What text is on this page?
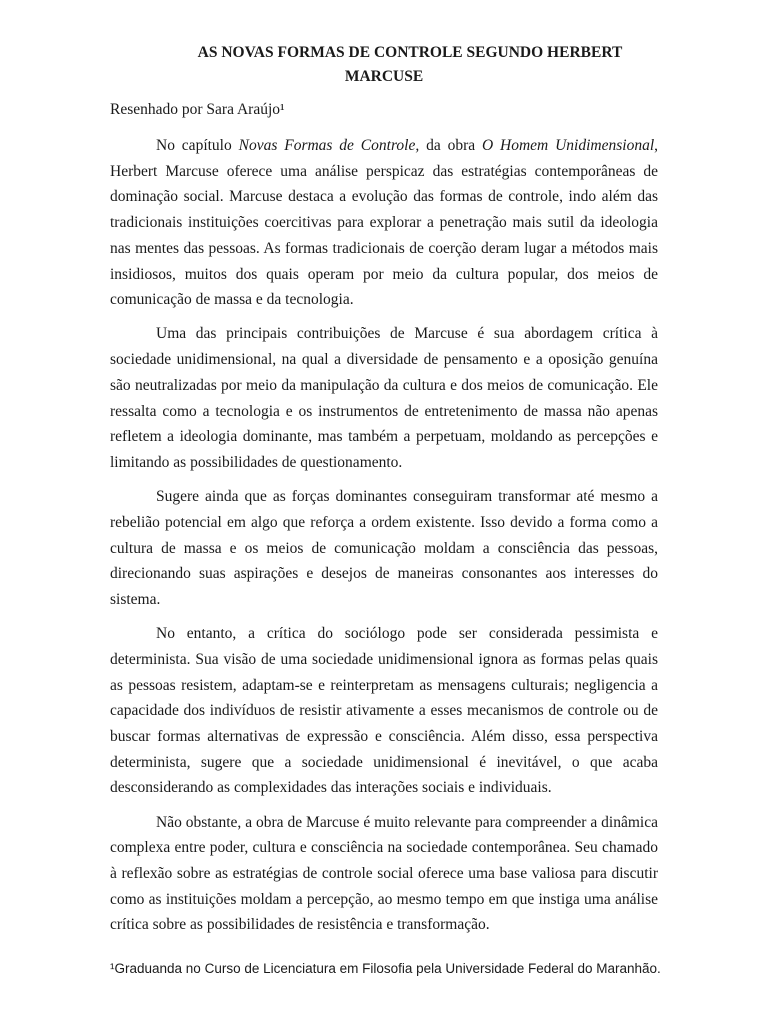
AS NOVAS FORMAS DE CONTROLE SEGUNDO HERBERT
MARCUSE

Resenhado por Sara Araújo¹

No capítulo Novas Formas de Controle, da obra O Homem Unidimensional, Herbert Marcuse oferece uma análise perspicaz das estratégias contemporâneas de dominação social. Marcuse destaca a evolução das formas de controle, indo além das tradicionais instituições coercitivas para explorar a penetração mais sutil da ideologia nas mentes das pessoas. As formas tradicionais de coerção deram lugar a métodos mais insidiosos, muitos dos quais operam por meio da cultura popular, dos meios de comunicação de massa e da tecnologia.

Uma das principais contribuições de Marcuse é sua abordagem crítica à sociedade unidimensional, na qual a diversidade de pensamento e a oposição genuína são neutralizadas por meio da manipulação da cultura e dos meios de comunicação. Ele ressalta como a tecnologia e os instrumentos de entretenimento de massa não apenas refletem a ideologia dominante, mas também a perpetuam, moldando as percepções e limitando as possibilidades de questionamento.

Sugere ainda que as forças dominantes conseguiram transformar até mesmo a rebelião potencial em algo que reforça a ordem existente. Isso devido a forma como a cultura de massa e os meios de comunicação moldam a consciência das pessoas, direcionando suas aspirações e desejos de maneiras consonantes aos interesses do sistema.

No entanto, a crítica do sociólogo pode ser considerada pessimista e determinista. Sua visão de uma sociedade unidimensional ignora as formas pelas quais as pessoas resistem, adaptam-se e reinterpretam as mensagens culturais; negligencia a capacidade dos indivíduos de resistir ativamente a esses mecanismos de controle ou de buscar formas alternativas de expressão e consciência. Além disso, essa perspectiva determinista, sugere que a sociedade unidimensional é inevitável, o que acaba desconsiderando as complexidades das interações sociais e individuais.

Não obstante, a obra de Marcuse é muito relevante para compreender a dinâmica complexa entre poder, cultura e consciência na sociedade contemporânea. Seu chamado à reflexão sobre as estratégias de controle social oferece uma base valiosa para discutir como as instituições moldam a percepção, ao mesmo tempo em que instiga uma análise crítica sobre as possibilidades de resistência e transformação.

¹Graduanda no Curso de Licenciatura em Filosofia pela Universidade Federal do Maranhão.
